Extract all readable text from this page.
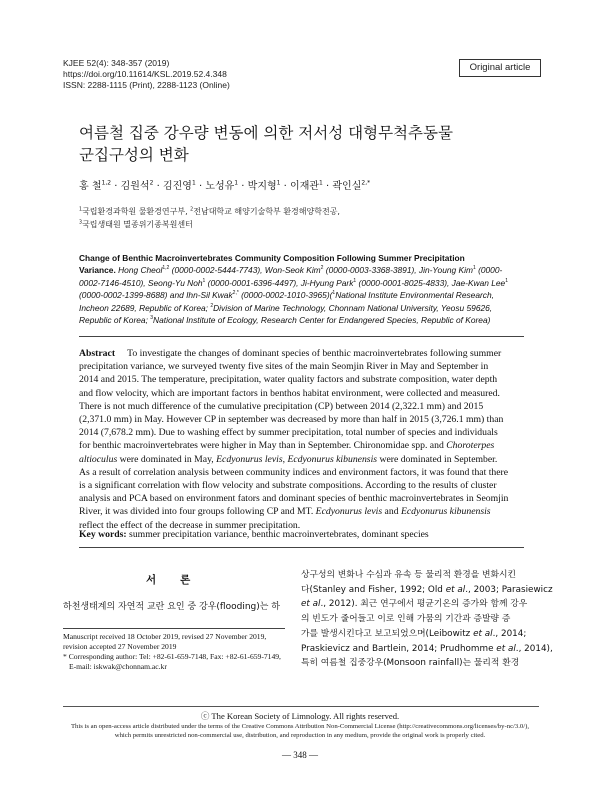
KJEE 52(4): 348-357 (2019)
https://doi.org/10.11614/KSL.2019.52.4.348
ISSN: 2288-1115 (Print), 2288-1123 (Online)
Original article
여름철 집중 강우량 변동에 의한 저서성 대형무척추동물
군집구성의 변화
홍 철$^{1,2}$ · 김원석$^2$ · 김진영$^1$ · 노성유$^1$ · 박지형$^1$ · 이재관$^1$ · 곽인실$^{2,*}$
$^1$국립환경과학원 물환경연구부, $^2$전남대학교 해양기술학부 환경해양학전공,
$^3$국립생태원 멸종위기종복원센터
Change of Benthic Macroinvertebrates Community Composition Following Summer Precipitation
Variance. Hong Cheol$^{1,2}$ (0000-0002-5444-7743), Won-Seok Kim$^2$ (0000-0003-3368-3891), Jin-Young Kim$^1$ (0000-
0002-7146-4510), Seong-Yu Noh$^1$ (0000-0001-6396-4497), Ji-Hyung Park$^1$ (0000-0001-8025-4833), Jae-Kwan Lee$^1$
(0000-0002-1399-8688) and Ihn-Sil Kwak$^{2,*}$ (0000-0002-1010-3965)($^1$National Institute Environmental Research,
Incheon 22689, Republic of Korea; $^2$Division of Marine Technology, Chonnam National University, Yeosu 59626,
Republic of Korea; $^3$National Institute of Ecology, Research Center for Endangered Species, Republic of Korea)
Abstract To investigate the changes of dominant species of benthic macroinvertebrates following summer
precipitation variance, we surveyed twenty five sites of the main Seomjin River in May and September in
2014 and 2015. The temperature, precipitation, water quality factors and substrate composition, water depth
and flow velocity, which are important factors in benthos habitat environment, were collected and measured.
There is not much difference of the cumulative precipitation (CP) between 2014 (2,322.1 mm) and 2015
(2,371.0 mm) in May. However CP in september was decreased by more than half in 2015 (3,726.1 mm) than
2014 (7,678.2 mm). Due to washing effect by summer precipitation, total number of species and individuals
for benthic macroinvertebrates were higher in May than in September. Chironomidae spp. and Choroterpes
altioculus were dominated in May, Ecdyonurus levis, Ecdyonurus kibunensis were dominated in September.
As a result of correlation analysis between community indices and environment factors, it was found that there
is a significant correlation with flow velocity and substrate compositions. According to the results of cluster
analysis and PCA based on environment fators and dominant species of benthic macroinvertebrates in Seomjin
River, it was divided into four groups following CP and MT. Ecdyonurus levis and Ecdyonurus kibunensis
reflect the effect of the decrease in summer precipitation.
Key words: summer precipitation variance, benthic macroinvertebrates, dominant species
서론
하천생태계의 자연적 교란 요인 중 강우(flooding)는 하
Manuscript received 18 October 2019, revised 27 November 2019,
revision accepted 27 November 2019
* Corresponding author: Tel: +82-61-659-7148, Fax: +82-61-659-7149,
E-mail: iskwak@chonnam.ac.kr
상구성의 변화나 수심과 유속 등 물리적 환경을 변화시킨
다(Stanley and Fisher, 1992; Old et al., 2003; Parasiewicz
et al., 2012). 최근 연구에서 평균기온의 증가와 함께 강우
의 빈도가 줄어들고 이로 인해 가뭄의 기간과 증발량 증
가를 발생시킨다고 보고되었으며(Leibowitz et al., 2014;
Praskievicz and Bartlein, 2014; Prudhomme et al., 2014),
특히 여름철 집중강우(Monsoon rainfall)는 물리적 환경
ⓒ The Korean Society of Limnology. All rights reserved.
This is an open-access article distributed under the terms of the Creative Commons Attribution Non-Commercial License (http://creativecommons.org/licenses/by-nc/3.0/),
which permits unrestricted non-commercial use, distribution, and reproduction in any medium, provide the original work is properly cited.
— 348 —
